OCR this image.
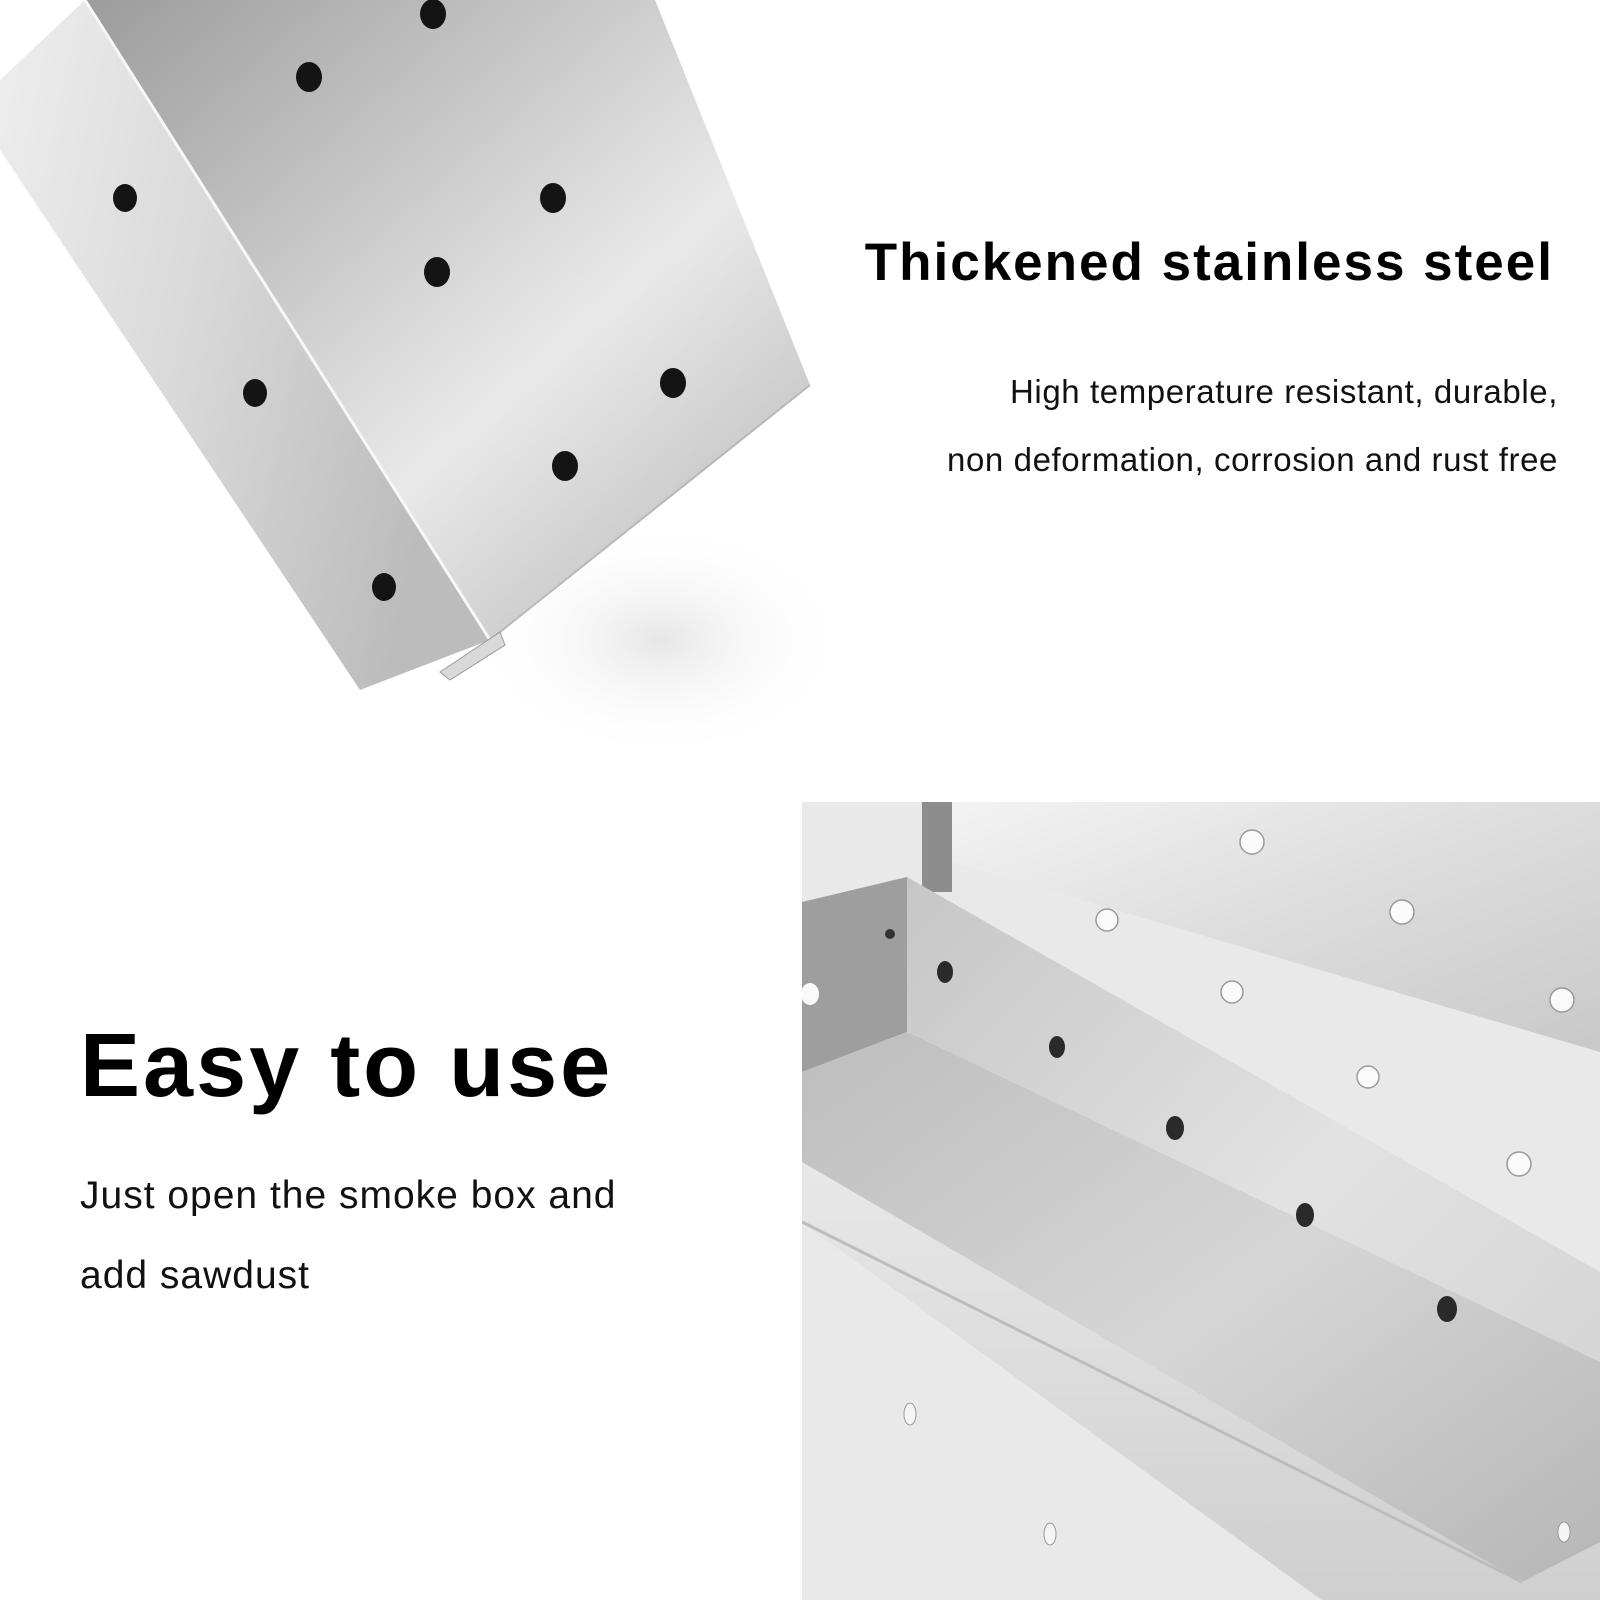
Thickened stainless steel

High temperature resistant, durable,
non deformation, corrosion and rust free

Easy to use

Just open the smoke box and
add sawdust
